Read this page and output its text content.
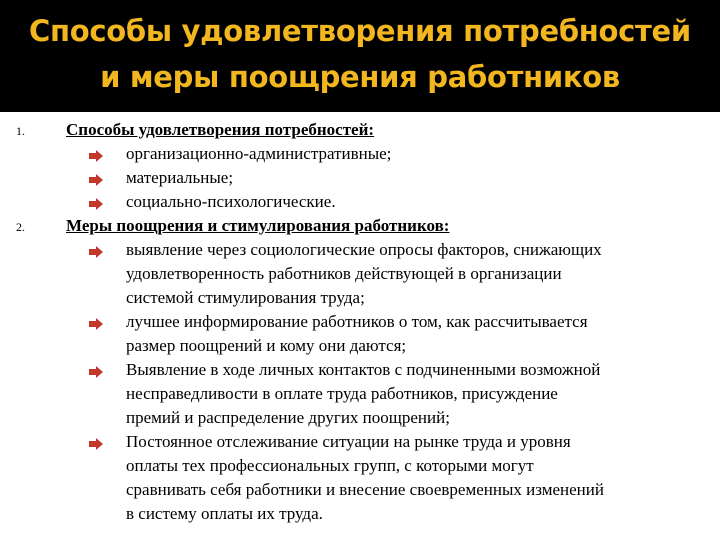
Способы удовлетворения потребностей
и меры поощрения работников
1. Способы удовлетворения потребностей:
организационно-административные;
материальные;
социально-психологические.
2. Меры поощрения и стимулирования работников:
выявление через социологические опросы факторов, снижающих
удовлетворенность работников действующей в организации
системой стимулирования труда;
лучшее информирование работников о том, как рассчитывается
размер поощрений и кому они даются;
Выявление в ходе личных контактов с подчиненными возможной
несправедливости в оплате труда работников, присуждение
премий и распределение других поощрений;
Постоянное отслеживание ситуации на рынке труда и уровня
оплаты тех профессиональных групп, с которыми могут
сравнивать себя работники и внесение своевременных изменений
в систему оплаты их труда.
